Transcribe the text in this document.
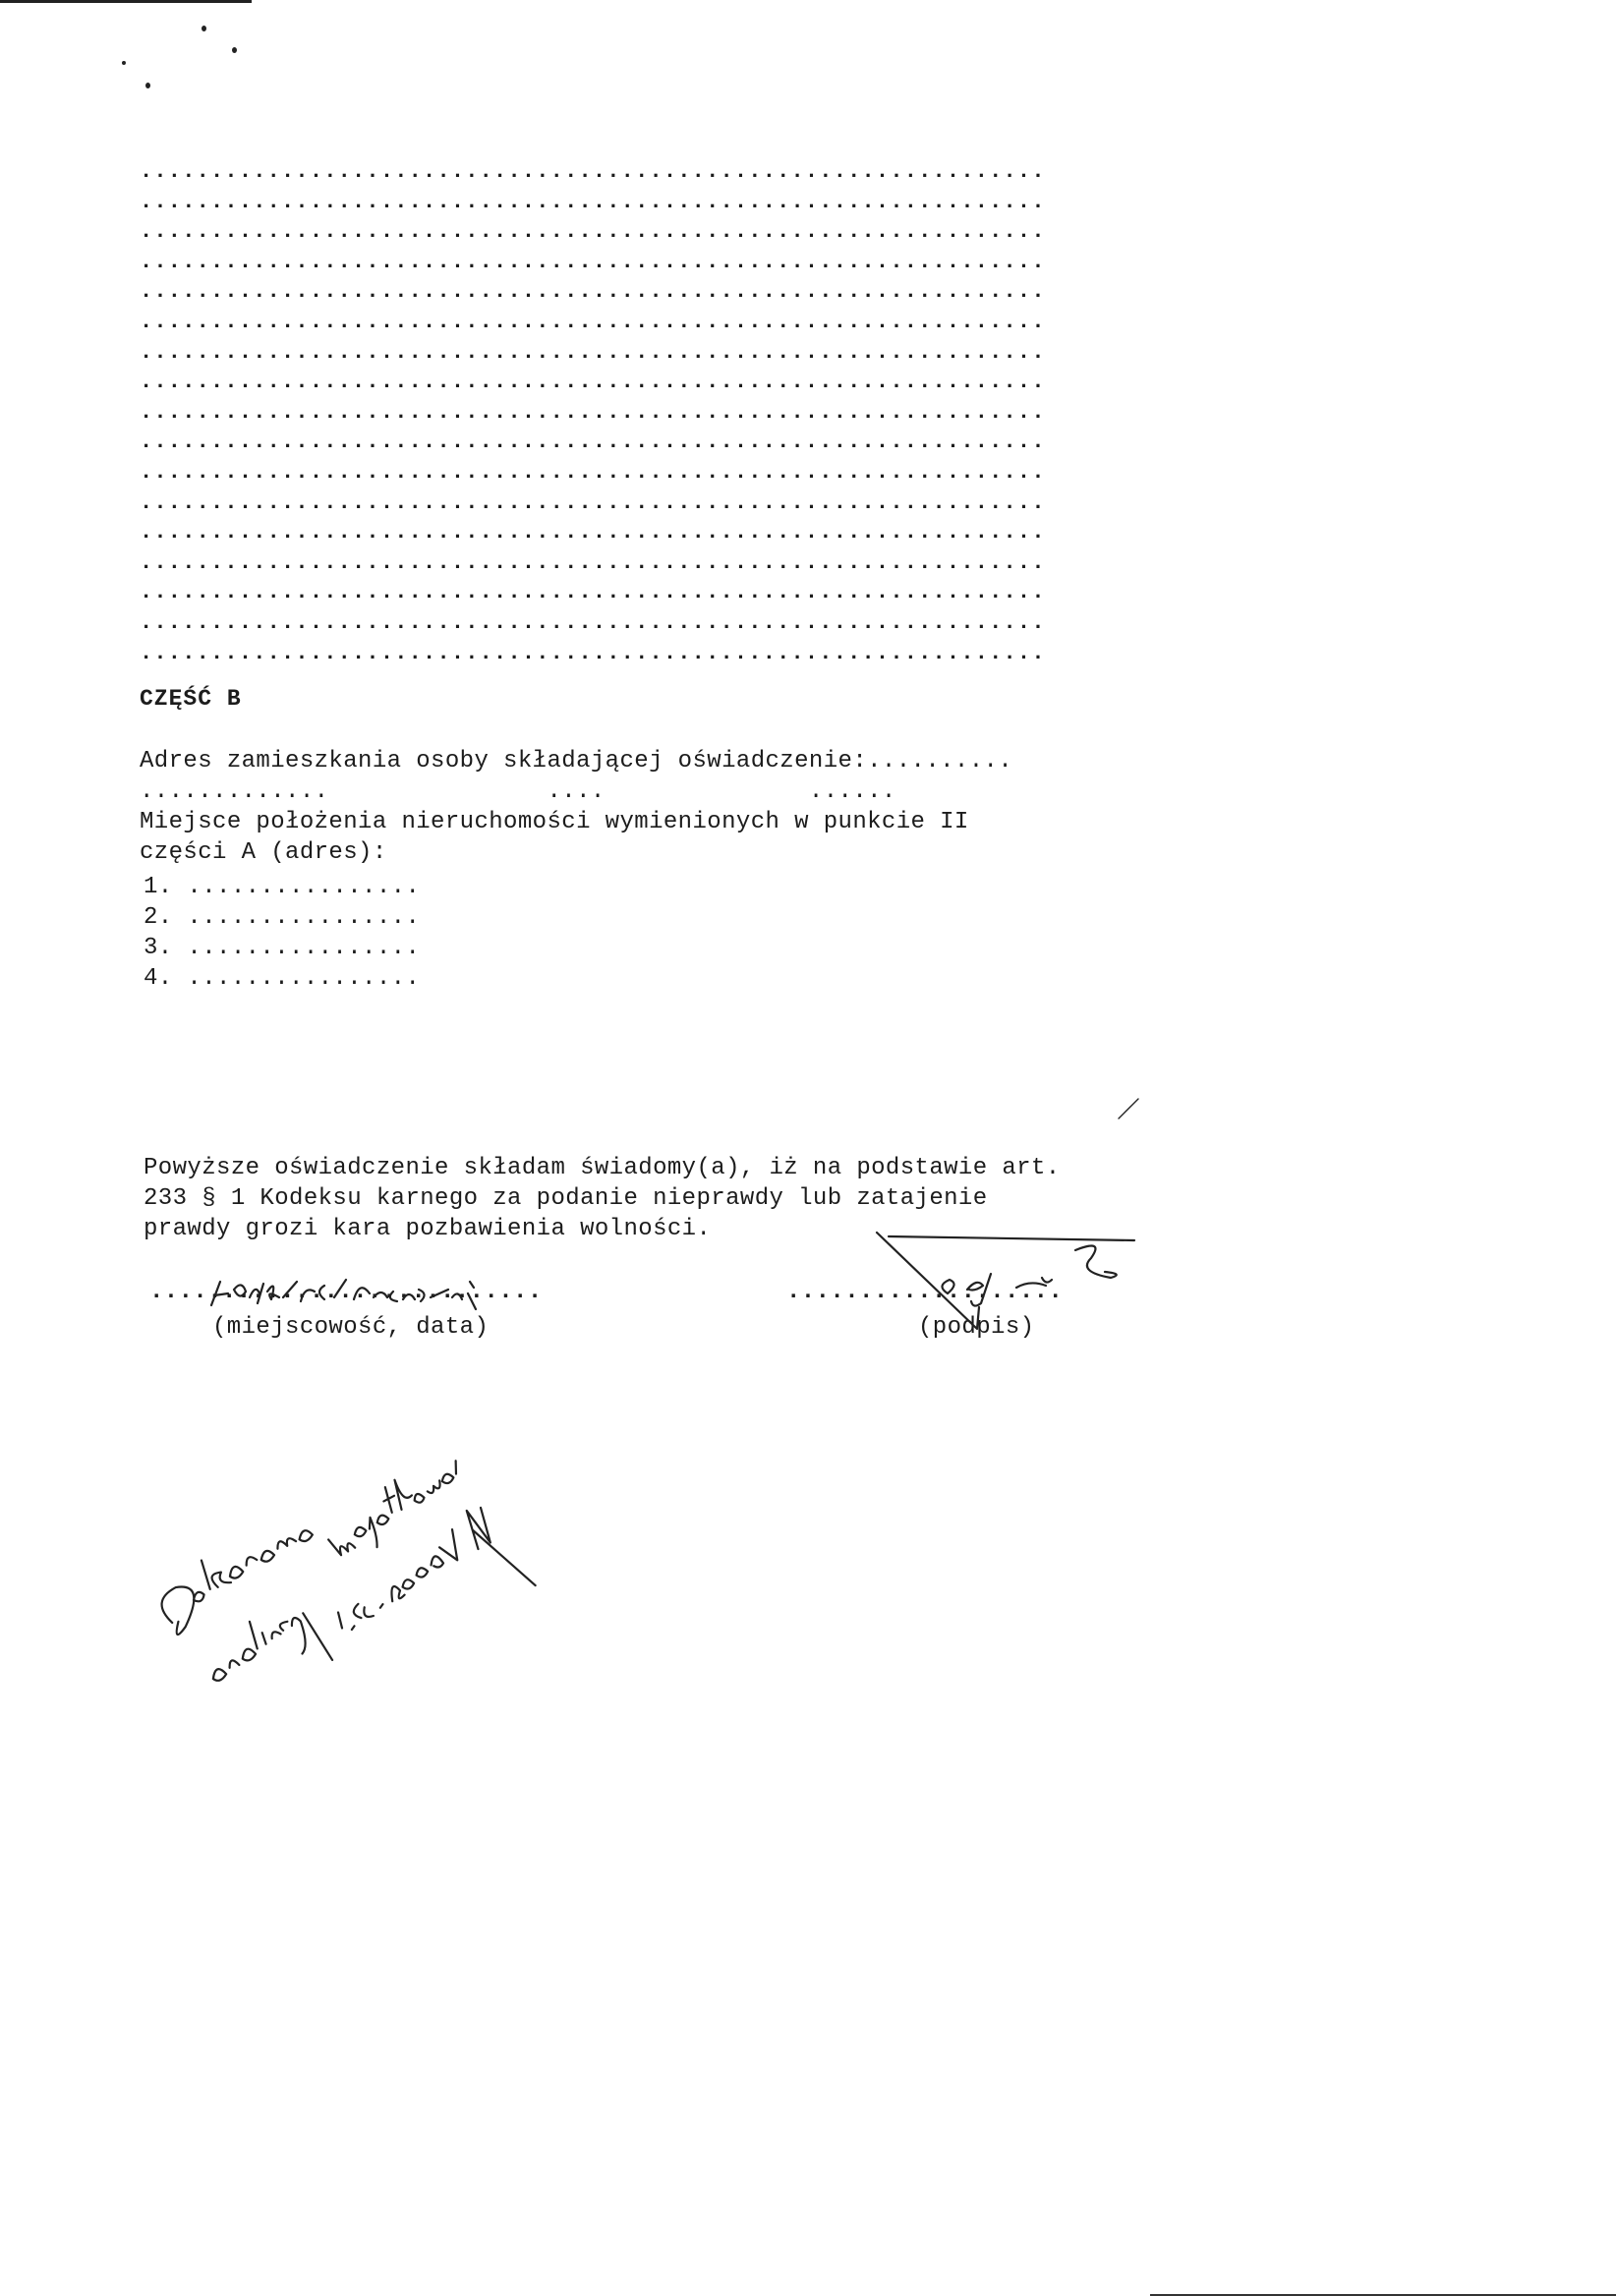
................................................................
................................................................
................................................................
................................................................
................................................................
................................................................
................................................................
................................................................
................................................................
................................................................
................................................................
................................................................
................................................................
................................................................
................................................................
................................................................
................................................................
CZĘŚĆ B
Adres zamieszkania osoby składającej oświadczenie:..........
.............               ....              ......
Miejsce położenia nieruchomości wymienionych w punkcie II
części A (adres):
1. ................
2. ................
3. ................
4. ................
Powyższe oświadczenie składam świadomy(a), iż na podstawie art.
233 § 1 Kodeksu karnego za podanie nieprawdy lub zatajenie
prawdy grozi kara pozbawienia wolności.
...........................
(miejscowość, data)
...................
(podpis)
